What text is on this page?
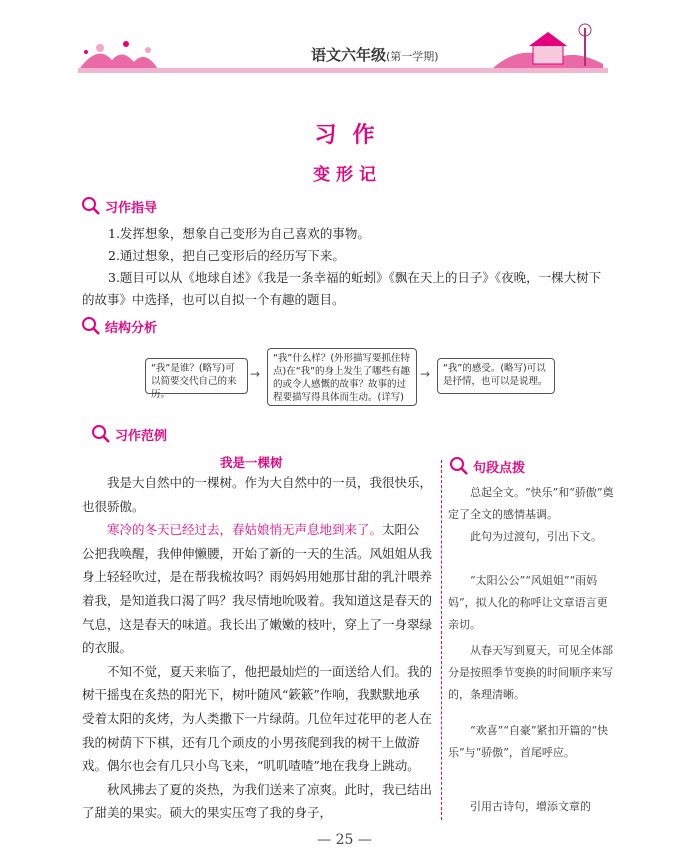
语文六年级(第一学期)
习作
变形记
习作指导
1.发挥想象，想象自己变形为自己喜欢的事物。
2.通过想象，把自己变形后的经历写下来。
3.题目可以从《地球自述》《我是一条幸福的蚯蚓》《飘在天上的日子》《夜晚，一棵大树下的故事》中选择，也可以自拟一个有趣的题目。
结构分析
“我”是谁？(略写)可以简要交代自己的来历。
→
“我”什么样？(外形描写要抓住特点)在“我”的身上发生了哪些有趣的或令人感慨的故事？故事的过程要描写得具体而生动。(详写)
→	“我”的感受。(略写)可以是抒情，也可以是说理。
习作范例
我是一棵树

我是大自然中的一棵树。作为大自然中的一员，我很快乐，也很骄傲。

寒冷的冬天已经过去，春姑娘悄无声息地到来了。太阳公公把我唤醒，我伸伸懒腰，开始了新的一天的生活。风姐姐从我身上轻轻吹过，是在帮我梳妆吗？雨妈妈用她那甘甜的乳汁喂养着我，是知道我口渴了吗？我尽情地吮吸着。我知道这是春天的气息，这是春天的味道。我长出了嫩嫩的枝叶，穿上了一身翠绿的衣服。

不知不觉，夏天来临了，他把最灿烂的一面送给人们。我的树干摇曳在炙热的阳光下，树叶随风“簌簌”作响，我默默地承受着太阳的炙烤，为人类撒下一片绿荫。几位年过花甲的老人在我的树荫下下棋，还有几个顽皮的小男孩爬到我的树干上做游戏。偶尔也会有几只小鸟飞来，“叽叽喳喳”地在我身上跳动。

秋风拂去了夏的炎热，为我们送来了凉爽。此时，我已结出了甜美的果实。硕大的果实压弯了我的身子，

句段点拨

总起全文。“快乐”和“骄傲”奠定了全文的感情基调。

此句为过渡句，引出下文。

“太阳公公”“风姐姐”“雨妈妈”，拟人化的称呼让文章语言更亲切。

从春天写到夏天，可见全体部分是按照季节变换的时间顺序来写的，条理清晰。

“欢喜”“自豪”紧扣开篇的“快乐”与“骄傲”，首尾呼应。

引用古诗句，增添文章的

— 25 —
